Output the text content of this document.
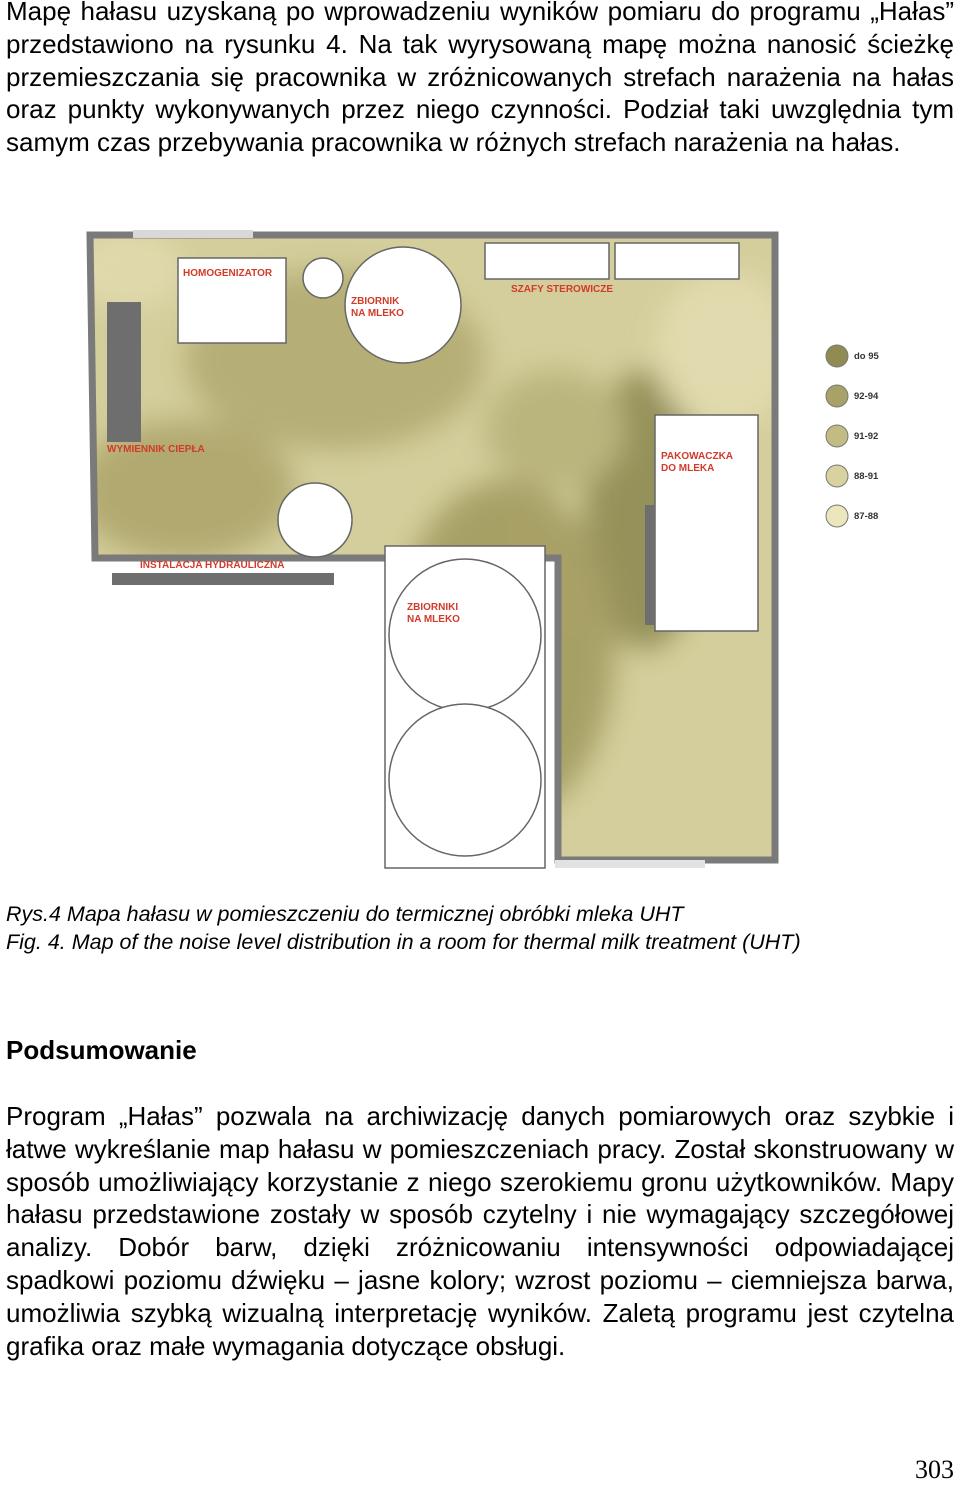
Mapę hałasu uzyskaną po wprowadzeniu wyników pomiaru do programu „Hałas” przedstawiono na rysunku 4. Na tak wyrysowaną mapę można nanosić ścieżkę przemieszczania się pracownika w zróżnicowanych strefach narażenia na hałas oraz punkty wykonywanych przez niego czynności. Podział taki uwzględnia tym samym czas przebywania pracownika w różnych strefach narażenia na hałas.

HOMOGENIZATOR
ZBIORNIK
NA MLEKO
SZAFY STEROWICZE
WYMIENNIK CIEPŁA
PAKOWACZKA
DO MLEKA
INSTALACJA HYDRAULICZNA
ZBIORNIKI
NA MLEKO
do 95
92-94
91-92
88-91
87-88

Rys.4 Mapa hałasu w pomieszczeniu do termicznej obróbki mleka UHT

Fig. 4. Map of the noise level distribution in a room for thermal milk treatment (UHT)

Podsumowanie

Program „Hałas” pozwala na archiwizację danych pomiarowych oraz szybkie i łatwe wykreślanie map hałasu w pomieszczeniach pracy. Został skonstruowany w sposób umożliwiający korzystanie z niego szerokiemu gronu użytkowników. Mapy hałasu przedstawione zostały w sposób czytelny i nie wymagający szczegółowej analizy. Dobór barw, dzięki zróżnicowaniu intensywności odpowiadającej spadkowi poziomu dźwięku – jasne kolory; wzrost poziomu – ciemniejsza barwa, umożliwia szybką wizualną interpretację wyników. Zaletą programu jest czytelna grafika oraz małe wymagania dotyczące obsługi.

303
